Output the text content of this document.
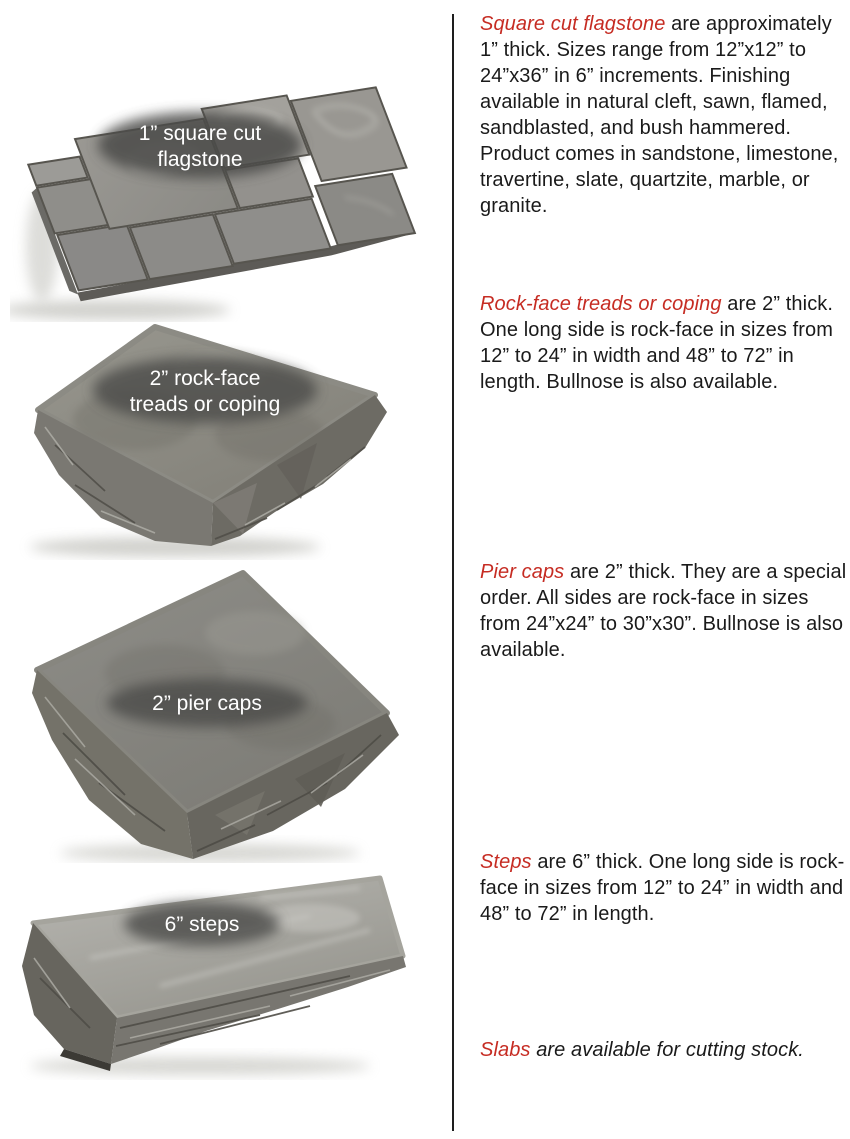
1” square cut
flagstone
2” rock-face
treads or coping
2” pier caps
6” steps

Square cut flagstone are approximately 1” thick. Sizes range from 12”x12” to 24”x36” in 6” increments. Finishing available in natural cleft, sawn, flamed, sandblasted, and bush hammered. Product comes in sandstone, limestone, travertine, slate, quartzite, marble, or granite.

Rock-face treads or coping are 2” thick. One long side is rock-face in sizes from 12” to 24” in width and 48” to 72” in length. Bullnose is also available.

Pier caps are 2” thick. They are a special order. All sides are rock-face in sizes from 24”x24” to 30”x30”. Bullnose is also available.

Steps are 6” thick. One long side is rock-face in sizes from 12” to 24” in width and 48” to 72” in length.

Slabs are available for cutting stock.
